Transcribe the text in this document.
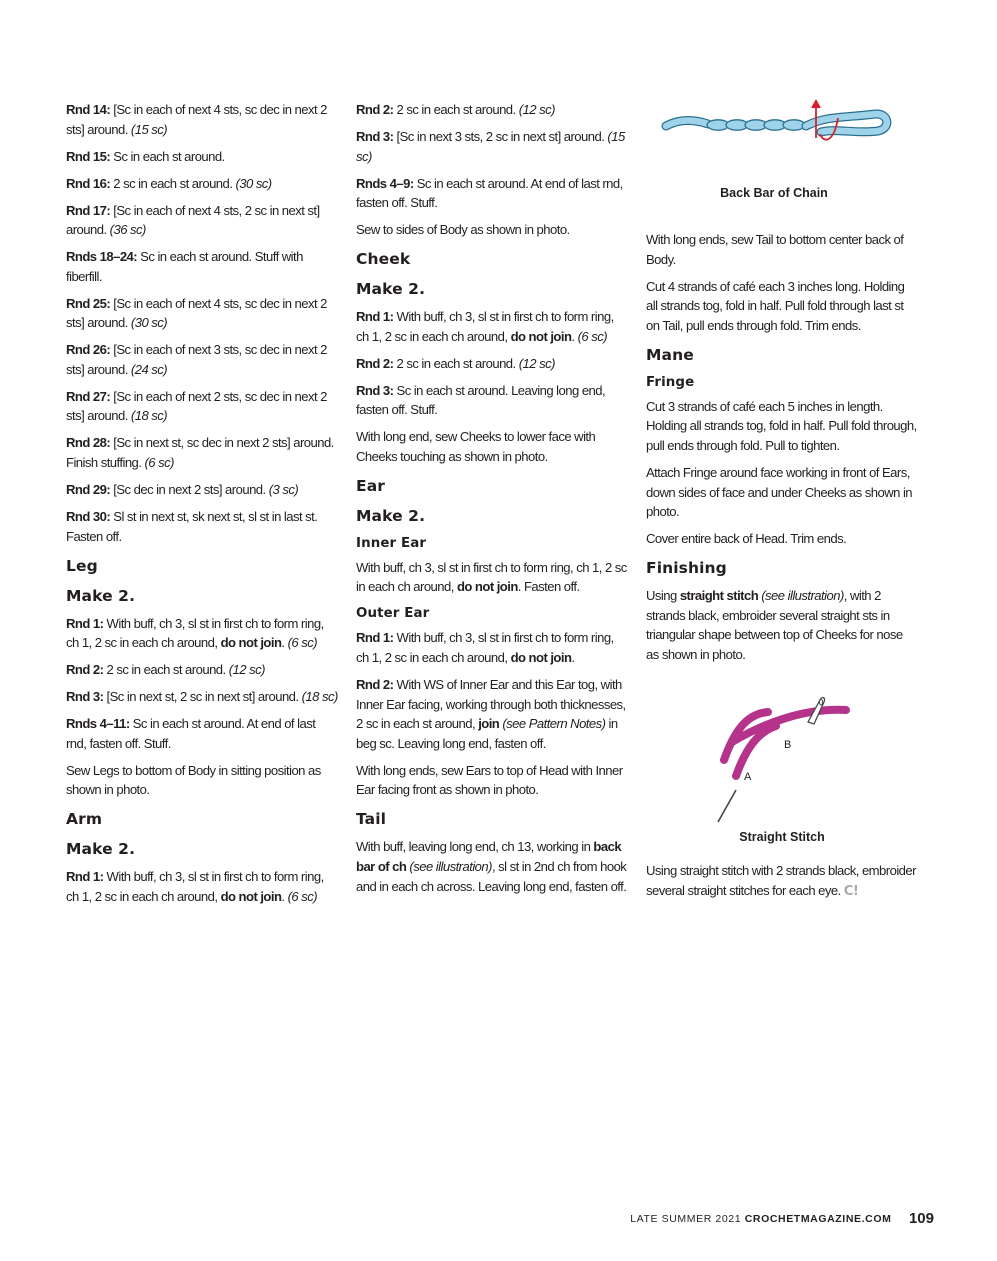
Rnd 14: [Sc in each of next 4 sts, sc dec in next 2 sts] around. (15 sc)

Rnd 15: Sc in each st around.

Rnd 16: 2 sc in each st around. (30 sc)

Rnd 17: [Sc in each of next 4 sts, 2 sc in next st] around. (36 sc)

Rnds 18–24: Sc in each st around. Stuff with fiberfill.

Rnd 25: [Sc in each of next 4 sts, sc dec in next 2 sts] around. (30 sc)

Rnd 26: [Sc in each of next 3 sts, sc dec in next 2 sts] around. (24 sc)

Rnd 27: [Sc in each of next 2 sts, sc dec in next 2 sts] around. (18 sc)

Rnd 28: [Sc in next st, sc dec in next 2 sts] around. Finish stuffing. (6 sc)

Rnd 29: [Sc dec in next 2 sts] around. (3 sc)

Rnd 30: Sl st in next st, sk next st, sl st in last st. Fasten off.

Leg
Make 2.

Rnd 1: With buff, ch 3, sl st in first ch to form ring, ch 1, 2 sc in each ch around, do not join. (6 sc)

Rnd 2: 2 sc in each st around. (12 sc)

Rnd 3: [Sc in next st, 2 sc in next st] around. (18 sc)

Rnds 4–11: Sc in each st around. At end of last rnd, fasten off. Stuff.

Sew Legs to bottom of Body in sitting position as shown in photo.

Arm
Make 2.

Rnd 1: With buff, ch 3, sl st in first ch to form ring, ch 1, 2 sc in each ch around, do not join. (6 sc)

Rnd 2: 2 sc in each st around. (12 sc)

Rnd 3: [Sc in next 3 sts, 2 sc in next st] around. (15 sc)

Rnds 4–9: Sc in each st around. At end of last rnd, fasten off. Stuff.

Sew to sides of Body as shown in photo.

Cheek
Make 2.

Rnd 1: With buff, ch 3, sl st in first ch to form ring, ch 1, 2 sc in each ch around, do not join. (6 sc)

Rnd 2: 2 sc in each st around. (12 sc)

Rnd 3: Sc in each st around. Leaving long end, fasten off. Stuff.

With long end, sew Cheeks to lower face with Cheeks touching as shown in photo.

Ear
Make 2.
Inner Ear

With buff, ch 3, sl st in first ch to form ring, ch 1, 2 sc in each ch around, do not join. Fasten off.

Outer Ear

Rnd 1: With buff, ch 3, sl st in first ch to form ring, ch 1, 2 sc in each ch around, do not join.

Rnd 2: With WS of Inner Ear and this Ear tog, with Inner Ear facing, working through both thicknesses, 2 sc in each st around, join (see Pattern Notes) in beg sc. Leaving long end, fasten off.

With long ends, sew Ears to top of Head with Inner Ear facing front as shown in photo.

Tail

With buff, leaving long end, ch 13, working in back bar of ch (see illustration), sl st in 2nd ch from hook and in each ch across. Leaving long end, fasten off.

Back Bar of Chain

With long ends, sew Tail to bottom center back of Body.

Cut 4 strands of café each 3 inches long. Holding all strands tog, fold in half. Pull fold through last st on Tail, pull ends through fold. Trim ends.

Mane
Fringe

Cut 3 strands of café each 5 inches in length. Holding all strands tog, fold in half. Pull fold through, pull ends through fold. Pull to tighten.

Attach Fringe around face working in front of Ears, down sides of face and under Cheeks as shown in photo.

Cover entire back of Head. Trim ends.

Finishing

Using straight stitch (see illustration), with 2 strands black, embroider several straight sts in triangular shape between top of Cheeks for nose as shown in photo.

A
B
Straight Stitch

Using straight stitch with 2 strands black, embroider several straight stitches for each eye. C!

LATE SUMMER 2021 CROCHETMAGAZINE.COM 109
